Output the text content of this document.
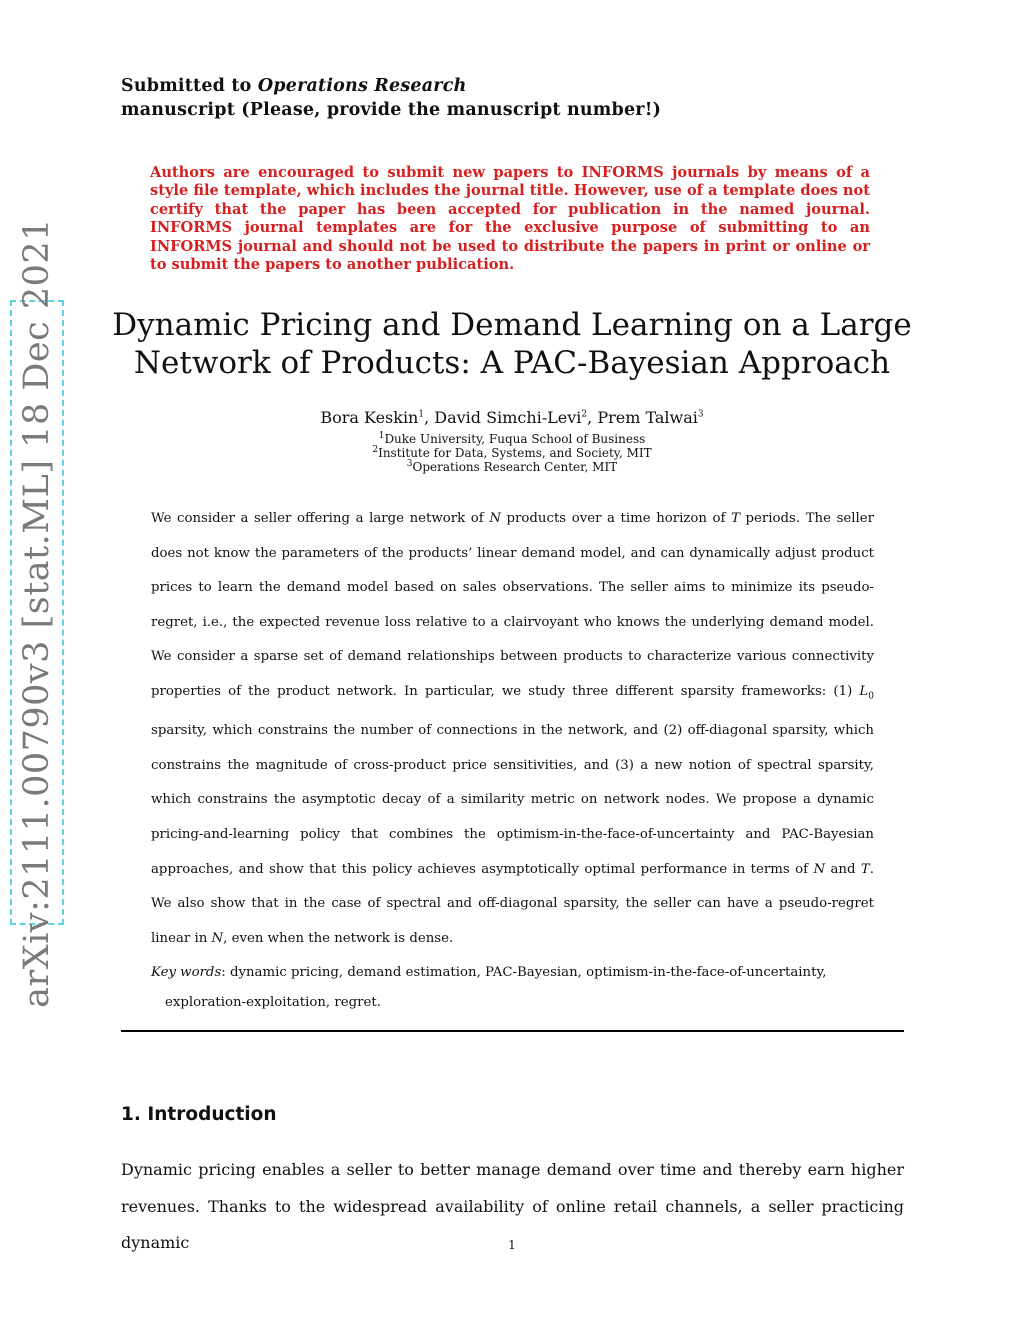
Submitted to Operations Research
manuscript (Please, provide the manuscript number!)
Authors are encouraged to submit new papers to INFORMS journals by means of a style file template, which includes the journal title. However, use of a template does not certify that the paper has been accepted for publication in the named journal. INFORMS journal templates are for the exclusive purpose of submitting to an INFORMS journal and should not be used to distribute the papers in print or online or to submit the papers to another publication.
Dynamic Pricing and Demand Learning on a Large
Network of Products: A PAC-Bayesian Approach
Bora Keskin$^1$, David Simchi-Levi$^2$, Prem Talwai$^3$
$^1$Duke University, Fuqua School of Business
$^2$Institute for Data, Systems, and Society, MIT
$^3$Operations Research Center, MIT

We consider a seller offering a large network of N products over a time horizon of T periods. The seller does not know the parameters of the products’ linear demand model, and can dynamically adjust product prices to learn the demand model based on sales observations. The seller aims to minimize its pseudo-regret, i.e., the expected revenue loss relative to a clairvoyant who knows the underlying demand model. We consider a sparse set of demand relationships between products to characterize various connectivity properties of the product network. In particular, we study three different sparsity frameworks: (1) $L_0$ sparsity, which constrains the number of connections in the network, and (2) off-diagonal sparsity, which constrains the magnitude of cross-product price sensitivities, and (3) a new notion of spectral sparsity, which constrains the asymptotic decay of a similarity metric on network nodes. We propose a dynamic pricing-and-learning policy that combines the optimism-in-the-face-of-uncertainty and PAC-Bayesian approaches, and show that this policy achieves asymptotically optimal performance in terms of N and T. We also show that in the case of spectral and off-diagonal sparsity, the seller can have a pseudo-regret linear in N, even when the network is dense.

Key words: dynamic pricing, demand estimation, PAC-Bayesian, optimism-in-the-face-of-uncertainty,
exploration-exploitation, regret.
1. Introduction
Dynamic pricing enables a seller to better manage demand over time and thereby earn higher revenues. Thanks to the widespread availability of online retail channels, a seller practicing dynamic	1
arXiv:2111.00790v3 [stat.ML] 18 Dec 2021
